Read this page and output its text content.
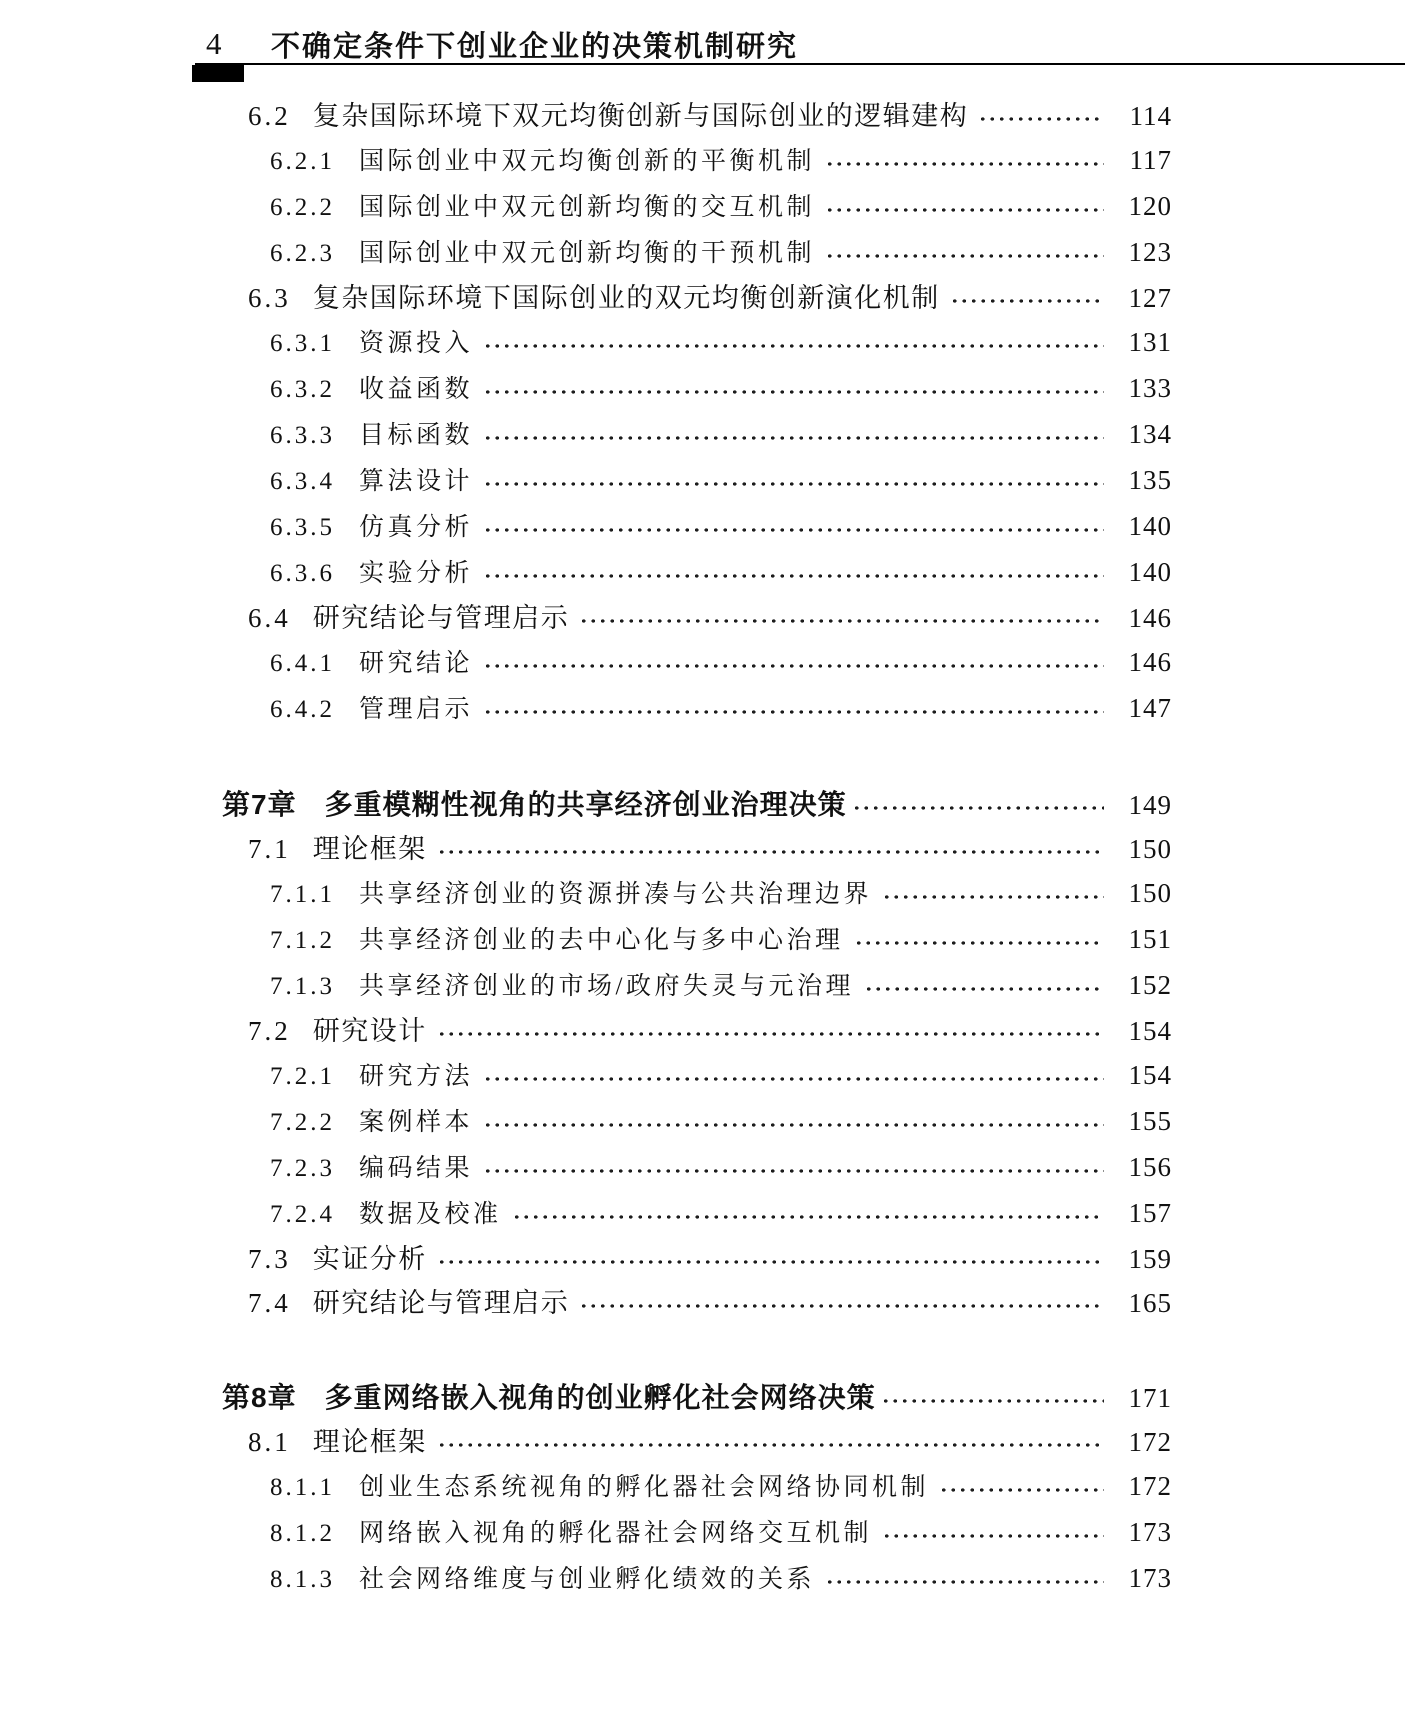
4 不确定条件下创业企业的决策机制研究
6.2 复杂国际环境下双元均衡创新与国际创业的逻辑建构	114
6.2.1 国际创业中双元均衡创新的平衡机制	117
6.2.2 国际创业中双元创新均衡的交互机制	120
6.2.3 国际创业中双元创新均衡的干预机制	123
6.3 复杂国际环境下国际创业的双元均衡创新演化机制	127
6.3.1 资源投入	131
6.3.2 收益函数	133
6.3.3 目标函数	134
6.3.4 算法设计	135
6.3.5 仿真分析	140
6.3.6 实验分析	140
6.4 研究结论与管理启示	146
6.4.1 研究结论	146
6.4.2 管理启示	147
第7章 多重模糊性视角的共享经济创业治理决策	149
7.1 理论框架	150
7.1.1 共享经济创业的资源拼凑与公共治理边界	150
7.1.2 共享经济创业的去中心化与多中心治理	151
7.1.3 共享经济创业的市场/政府失灵与元治理	152
7.2 研究设计	154
7.2.1 研究方法	154
7.2.2 案例样本	155
7.2.3 编码结果	156
7.2.4 数据及校准	157
7.3 实证分析	159
7.4 研究结论与管理启示	165
第8章 多重网络嵌入视角的创业孵化社会网络决策	171
8.1 理论框架	172
8.1.1 创业生态系统视角的孵化器社会网络协同机制	172
8.1.2 网络嵌入视角的孵化器社会网络交互机制	173
8.1.3 社会网络维度与创业孵化绩效的关系	173
